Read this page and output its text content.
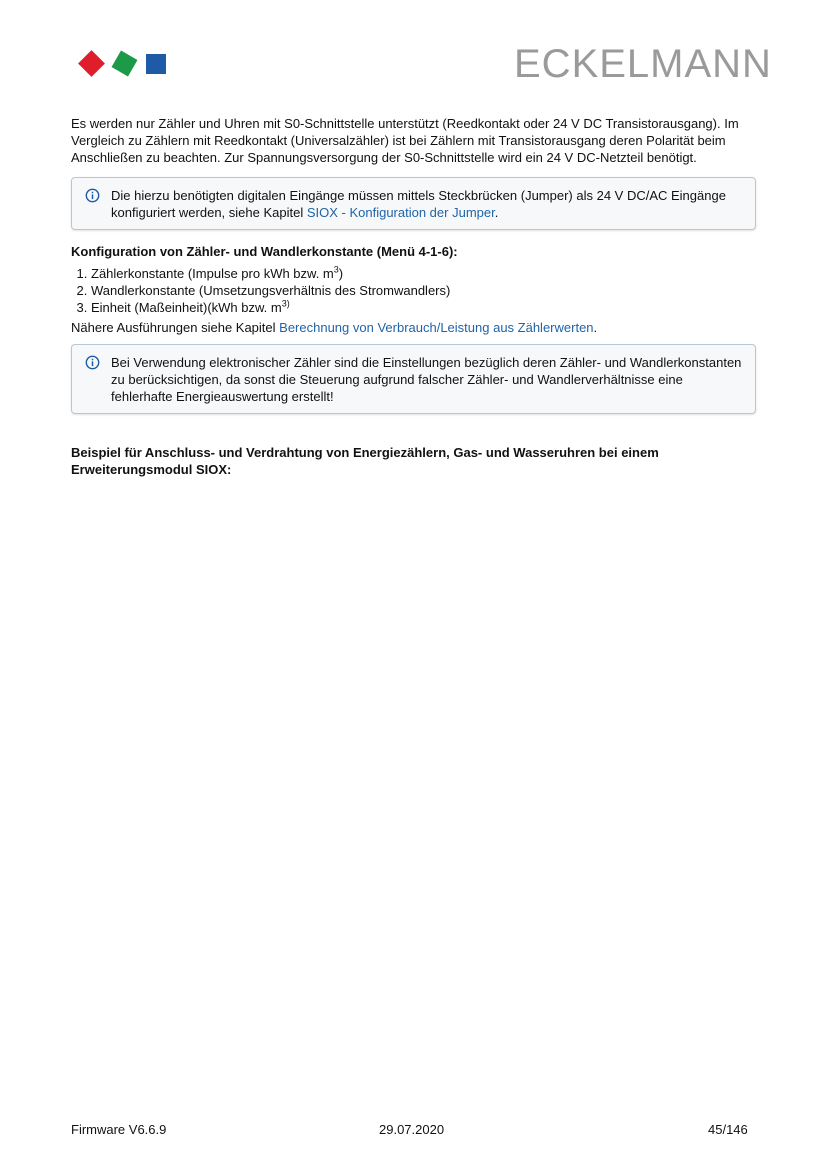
ECKELMANN

Es werden nur Zähler und Uhren mit S0-Schnittstelle unterstützt (Reedkontakt oder 24 V DC Transistorausgang). Im Vergleich zu Zählern mit Reedkontakt (Universalzähler) ist bei Zählern mit Transistorausgang deren Polarität beim Anschließen zu beachten. Zur Spannungsversorgung der S0-Schnittstelle wird ein 24 V DC-Netzteil benötigt.

Die hierzu benötigten digitalen Eingänge müssen mittels Steckbrücken (Jumper) als 24 V DC/AC Eingänge konfiguriert werden, siehe Kapitel SIOX - Konfiguration der Jumper.

Konfiguration von Zähler- und Wandlerkonstante (Menü 4-1-6):
1. Zählerkonstante (Impulse pro kWh bzw. $m^3$)
2. Wandlerkonstante (Umsetzungsverhältnis des Stromwandlers)
3. Einheit (Maßeinheit)(kWh bzw. $m^{3)}$

Nähere Ausführungen siehe Kapitel Berechnung von Verbrauch/Leistung aus Zählerwerten.

Bei Verwendung elektronischer Zähler sind die Einstellungen bezüglich deren Zähler- und Wandlerkonstanten zu berücksichtigen, da sonst die Steuerung aufgrund falscher Zähler- und Wandlerverhältnisse eine fehlerhafte Energieauswertung erstellt!

Beispiel für Anschluss- und Verdrahtung von Energiezählern, Gas- und Wasseruhren bei einem Erweiterungsmodul SIOX:

Firmware V6.6.9	29.07.2020	45/146
